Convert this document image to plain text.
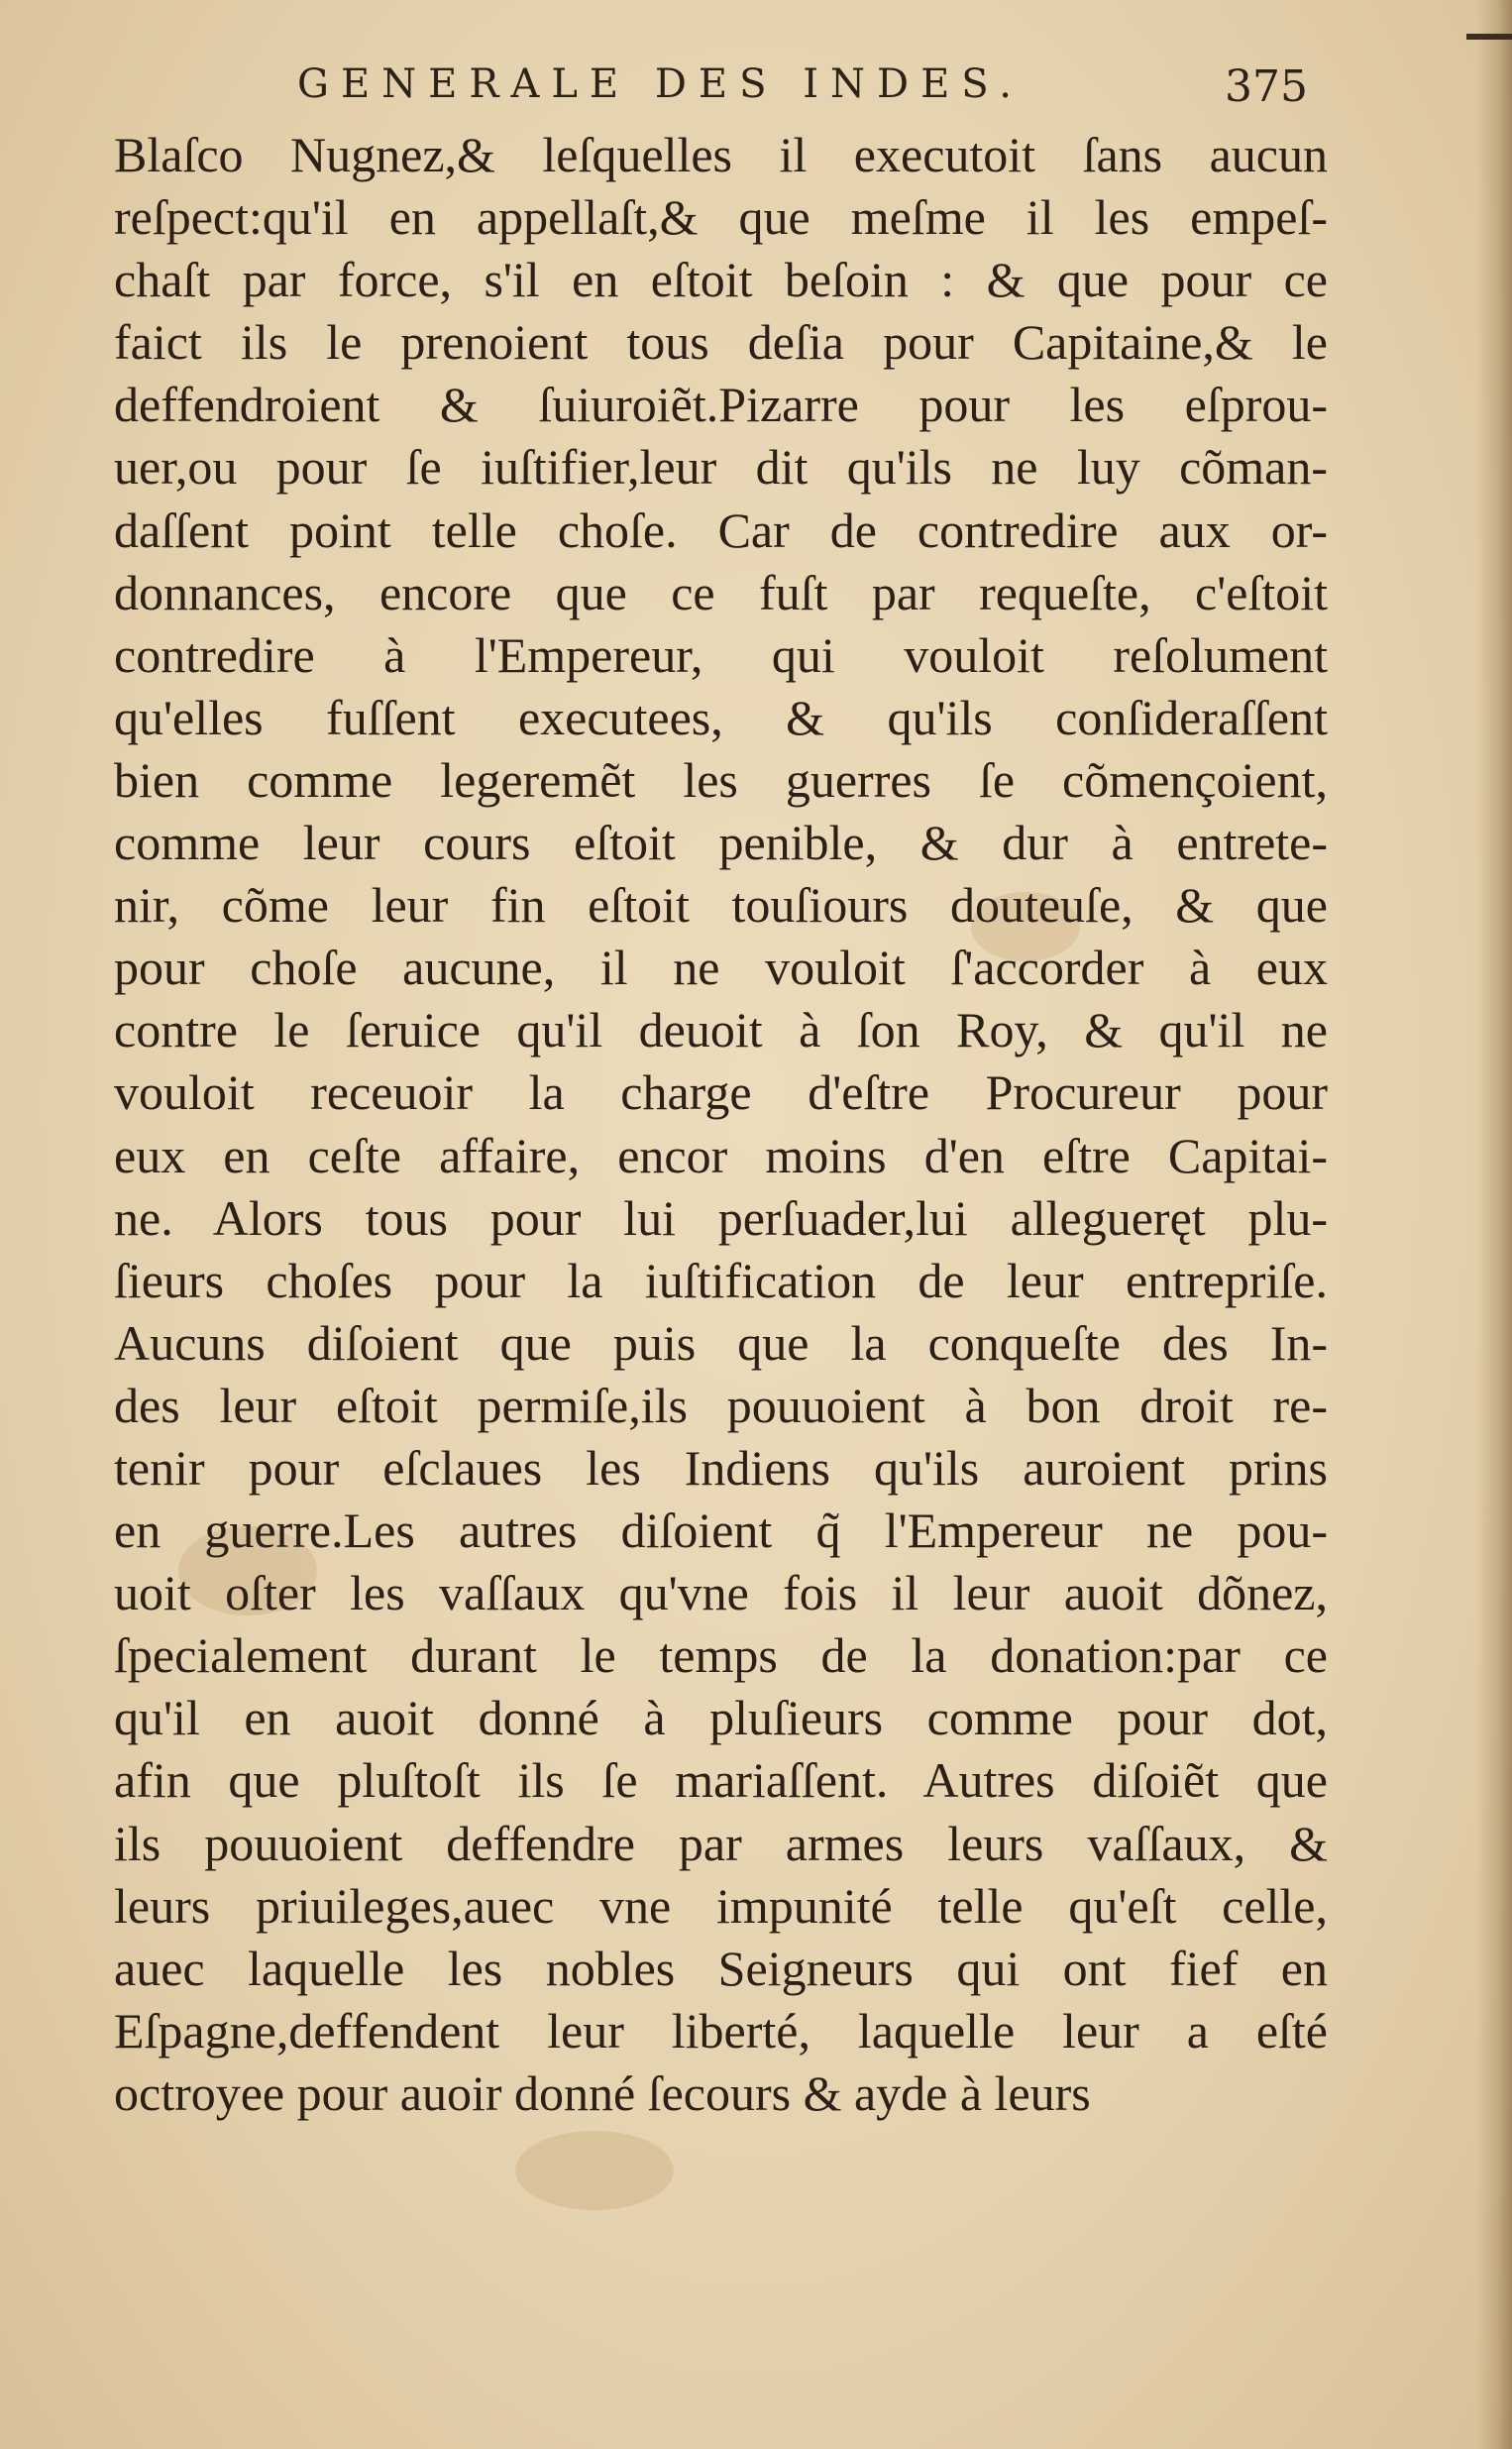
GENERALE DES INDES.	375
Blaſco Nugnez,& leſquelles il executoit ſans aucun
reſpect:qu'il en appellaſt,& que meſme il les empeſ-
chaſt par force, s'il en eſtoit beſoin : & que pour ce
faict ils le prenoient tous deſia pour Capitaine,& le
deffendroient & ſuiuroiẽt.Pizarre pour les eſprou-
uer,ou pour ſe iuſtifier,leur dit qu'ils ne luy cõman-
daſſent point telle choſe. Car de contredire aux or-
donnances, encore que ce fuſt par requeſte, c'eſtoit
contredire à l'Empereur, qui vouloit reſolument
qu'elles fuſſent executees, & qu'ils conſideraſſent
bien comme legeremẽt les guerres ſe cõmençoient,
comme leur cours eſtoit penible, & dur à entrete-
nir, cõme leur fin eſtoit touſiours douteuſe, & que
pour choſe aucune, il ne vouloit ſ'accorder à eux
contre le ſeruice qu'il deuoit à ſon Roy, & qu'il ne
vouloit receuoir la charge d'eſtre Procureur pour
eux en ceſte affaire, encor moins d'en eſtre Capitai-
ne. Alors tous pour lui perſuader,lui allegueręt plu-
ſieurs choſes pour la iuſtification de leur entrepriſe.
Aucuns diſoient que puis que la conqueſte des In-
des leur eſtoit permiſe,ils pouuoient à bon droit re-
tenir pour eſclaues les Indiens qu'ils auroient prins
en guerre.Les autres diſoient q̃ l'Empereur ne pou-
uoit oſter les vaſſaux qu'vne fois il leur auoit dõnez,
ſpecialement durant le temps de la donation:par ce
qu'il en auoit donné à pluſieurs comme pour dot,
afin que pluſtoſt ils ſe mariaſſent. Autres diſoiẽt que
ils pouuoient deffendre par armes leurs vaſſaux, &
leurs priuileges,auec vne impunité telle qu'eſt celle,
auec laquelle les nobles Seigneurs qui ont fief en
Eſpagne,deffendent leur liberté, laquelle leur a eſté
octroyee pour auoir donné ſecours & ayde à leurs
